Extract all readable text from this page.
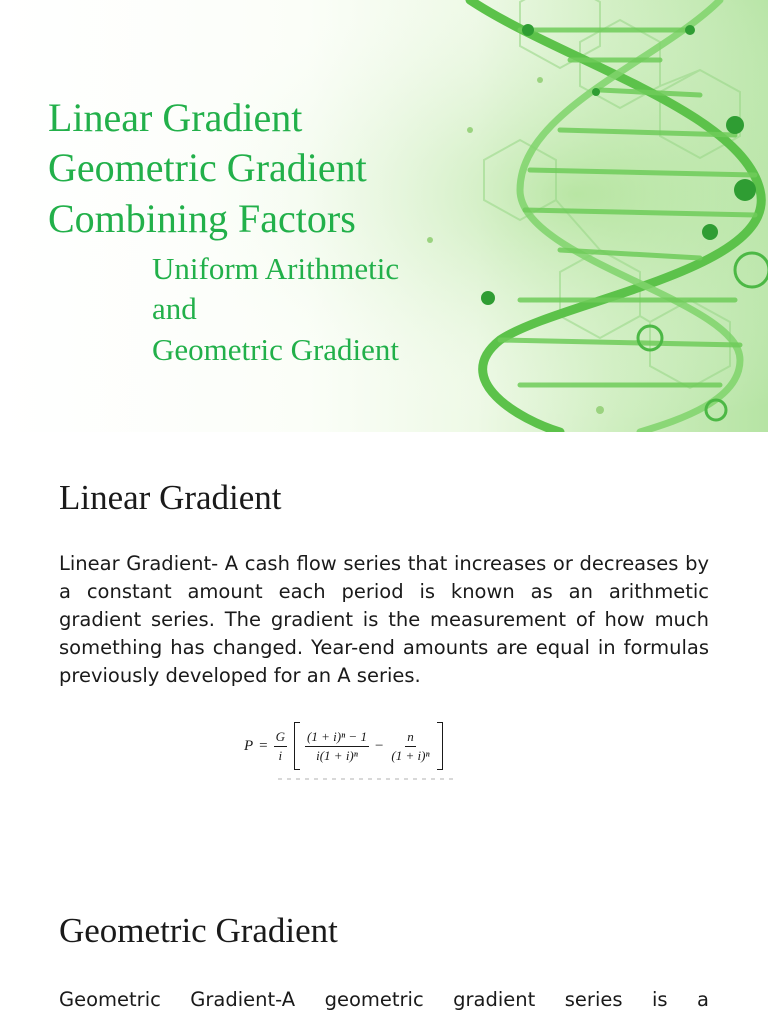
Linear Gradient

Geometric Gradient

Combining Factors

Uniform Arithmetic

and

Geometric Gradient

Linear Gradient

Linear Gradient- A cash flow series that increases or decreases by a constant amount each period is known as an arithmetic gradient series. The gradient is the measurement of how much something has changed. Year-end amounts are equal in formulas previously developed for an A series.

$P = \frac{G}{i} \frac{\text{(1 + i)ⁿ − 1}}{\text{i(1 + i)ⁿ}} - \frac{n}{\text{(1 + i)ⁿ}}$
Geometric Gradient

Geometric Gradient-A geometric gradient series is a
